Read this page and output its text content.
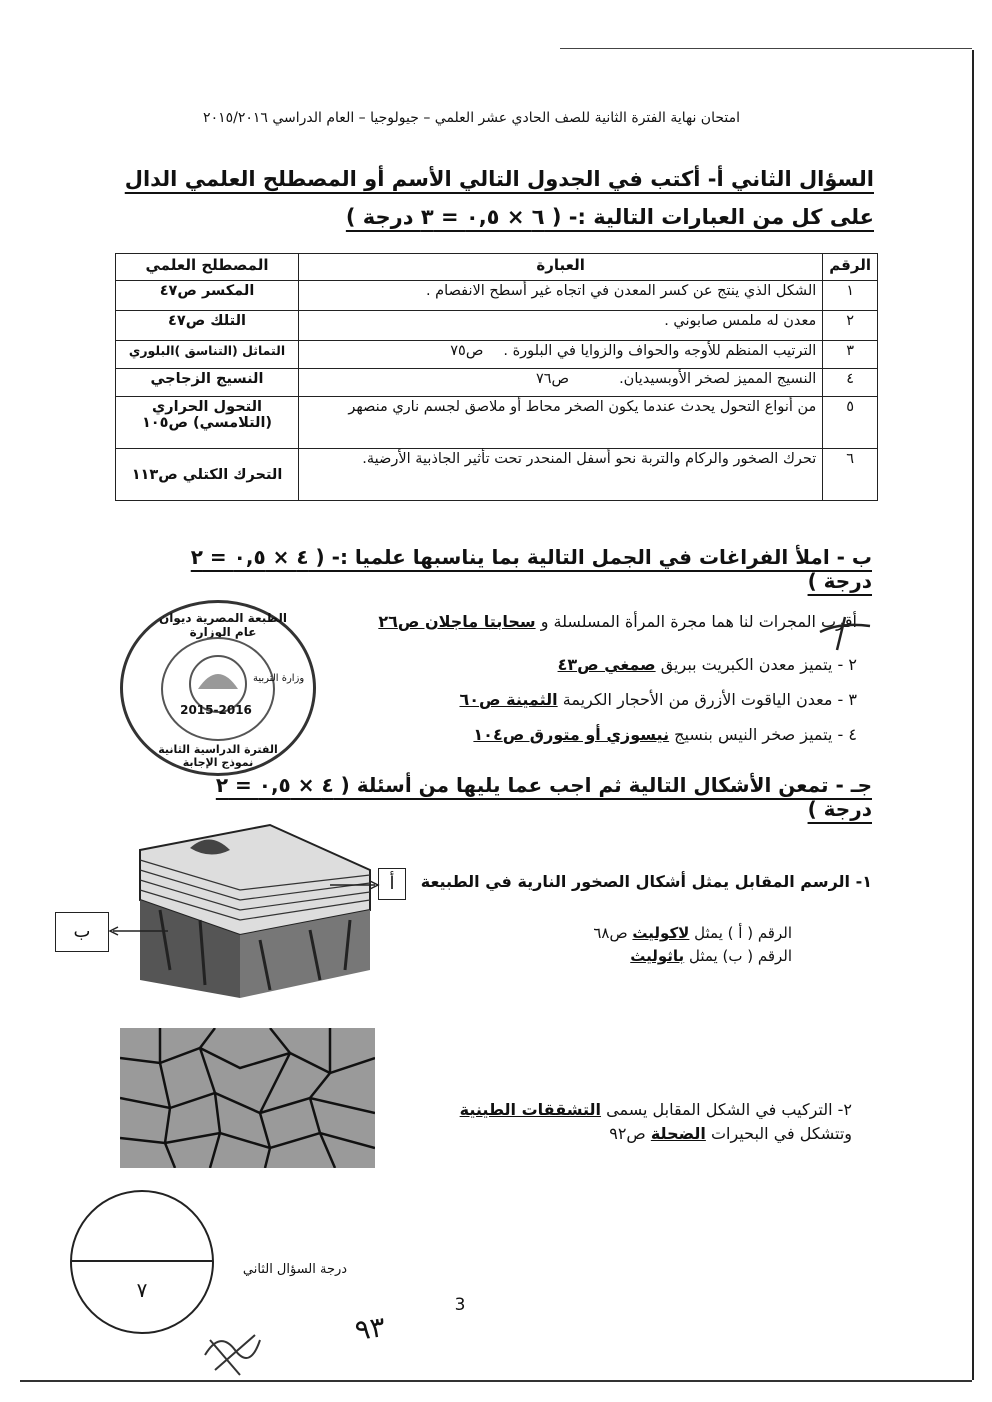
امتحان نهاية الفترة الثانية للصف الحادي عشر العلمي – جيولوجيا – العام الدراسي ٢٠١٥/٢٠١٦
السؤال الثاني أ- أكتب في الجدول التالي الأسم أو المصطلح العلمي الدال على كل من العبارات التالية :- ( ٦ × ٠,٥ = ٣ درجة )
الرقم	العبارة	المصطلح العلمي
١	الشكل الذي ينتج عن كسر المعدن في اتجاه غير أسطح الانفصام .	المكسر ص٤٧
٢	معدن له ملمس صابوني .	التلك ص٤٧
٣	الترتيب المنظم للأوجه والحواف والزوايا في البلورة .ص٧٥	التماثل (التناسق )البلوري
٤	النسيج المميز لصخر الأوبسيديان.ص٧٦	النسيج الزجاجي
٥	من أنواع التحول يحدث عندما يكون الصخر محاط أو ملاصق لجسم ناري منصهر	التحول الحراري (التلامسي) ص١٠٥
٦	تحرك الصخور والركام والتربة نحو أسفل المنحدر تحت تأثير الجاذبية الأرضية.	التحرك الكتلي ص١١٣
ب - املأ الفراغات في الجمل التالية بما يناسبها علميا :- ( ٤ × ٠,٥ = ٢ درجة )
أقرب المجرات لنا هما مجرة المرأة المسلسلة و سحابتا ماجلان ص٢٦
٢ - يتميز معدن الكبريت ببريق صمغي ص٤٣
٣ - معدن الياقوت الأزرق من الأحجار الكريمة الثمينة ص٦٠
٤ - يتميز صخر النيس بنسيج نيسوزي أو متورق ص١٠٤
الطبعة المصرية ديوان عام الوزارة
وزارة التربية
2015-2016
الفترة الدراسية الثانية نموذج الإجابة
جـ - تمعن الأشكال التالية ثم اجب عما يليها من أسئلة ( ٤ × ٠,٥ = ٢ درجة )
أ
ب
١- الرسم المقابل يمثل أشكال الصخور النارية في الطبيعة
الرقم ( أ ) يمثل لاكوليث ص٦٨
الرقم ( ب) يمثل باثوليث
٢- التركيب في الشكل المقابل يسمى التشققات الطينية
وتتشكل في البحيرات الضحلة ص٩٢
٧
درجة السؤال الثاني
3
٩٣
